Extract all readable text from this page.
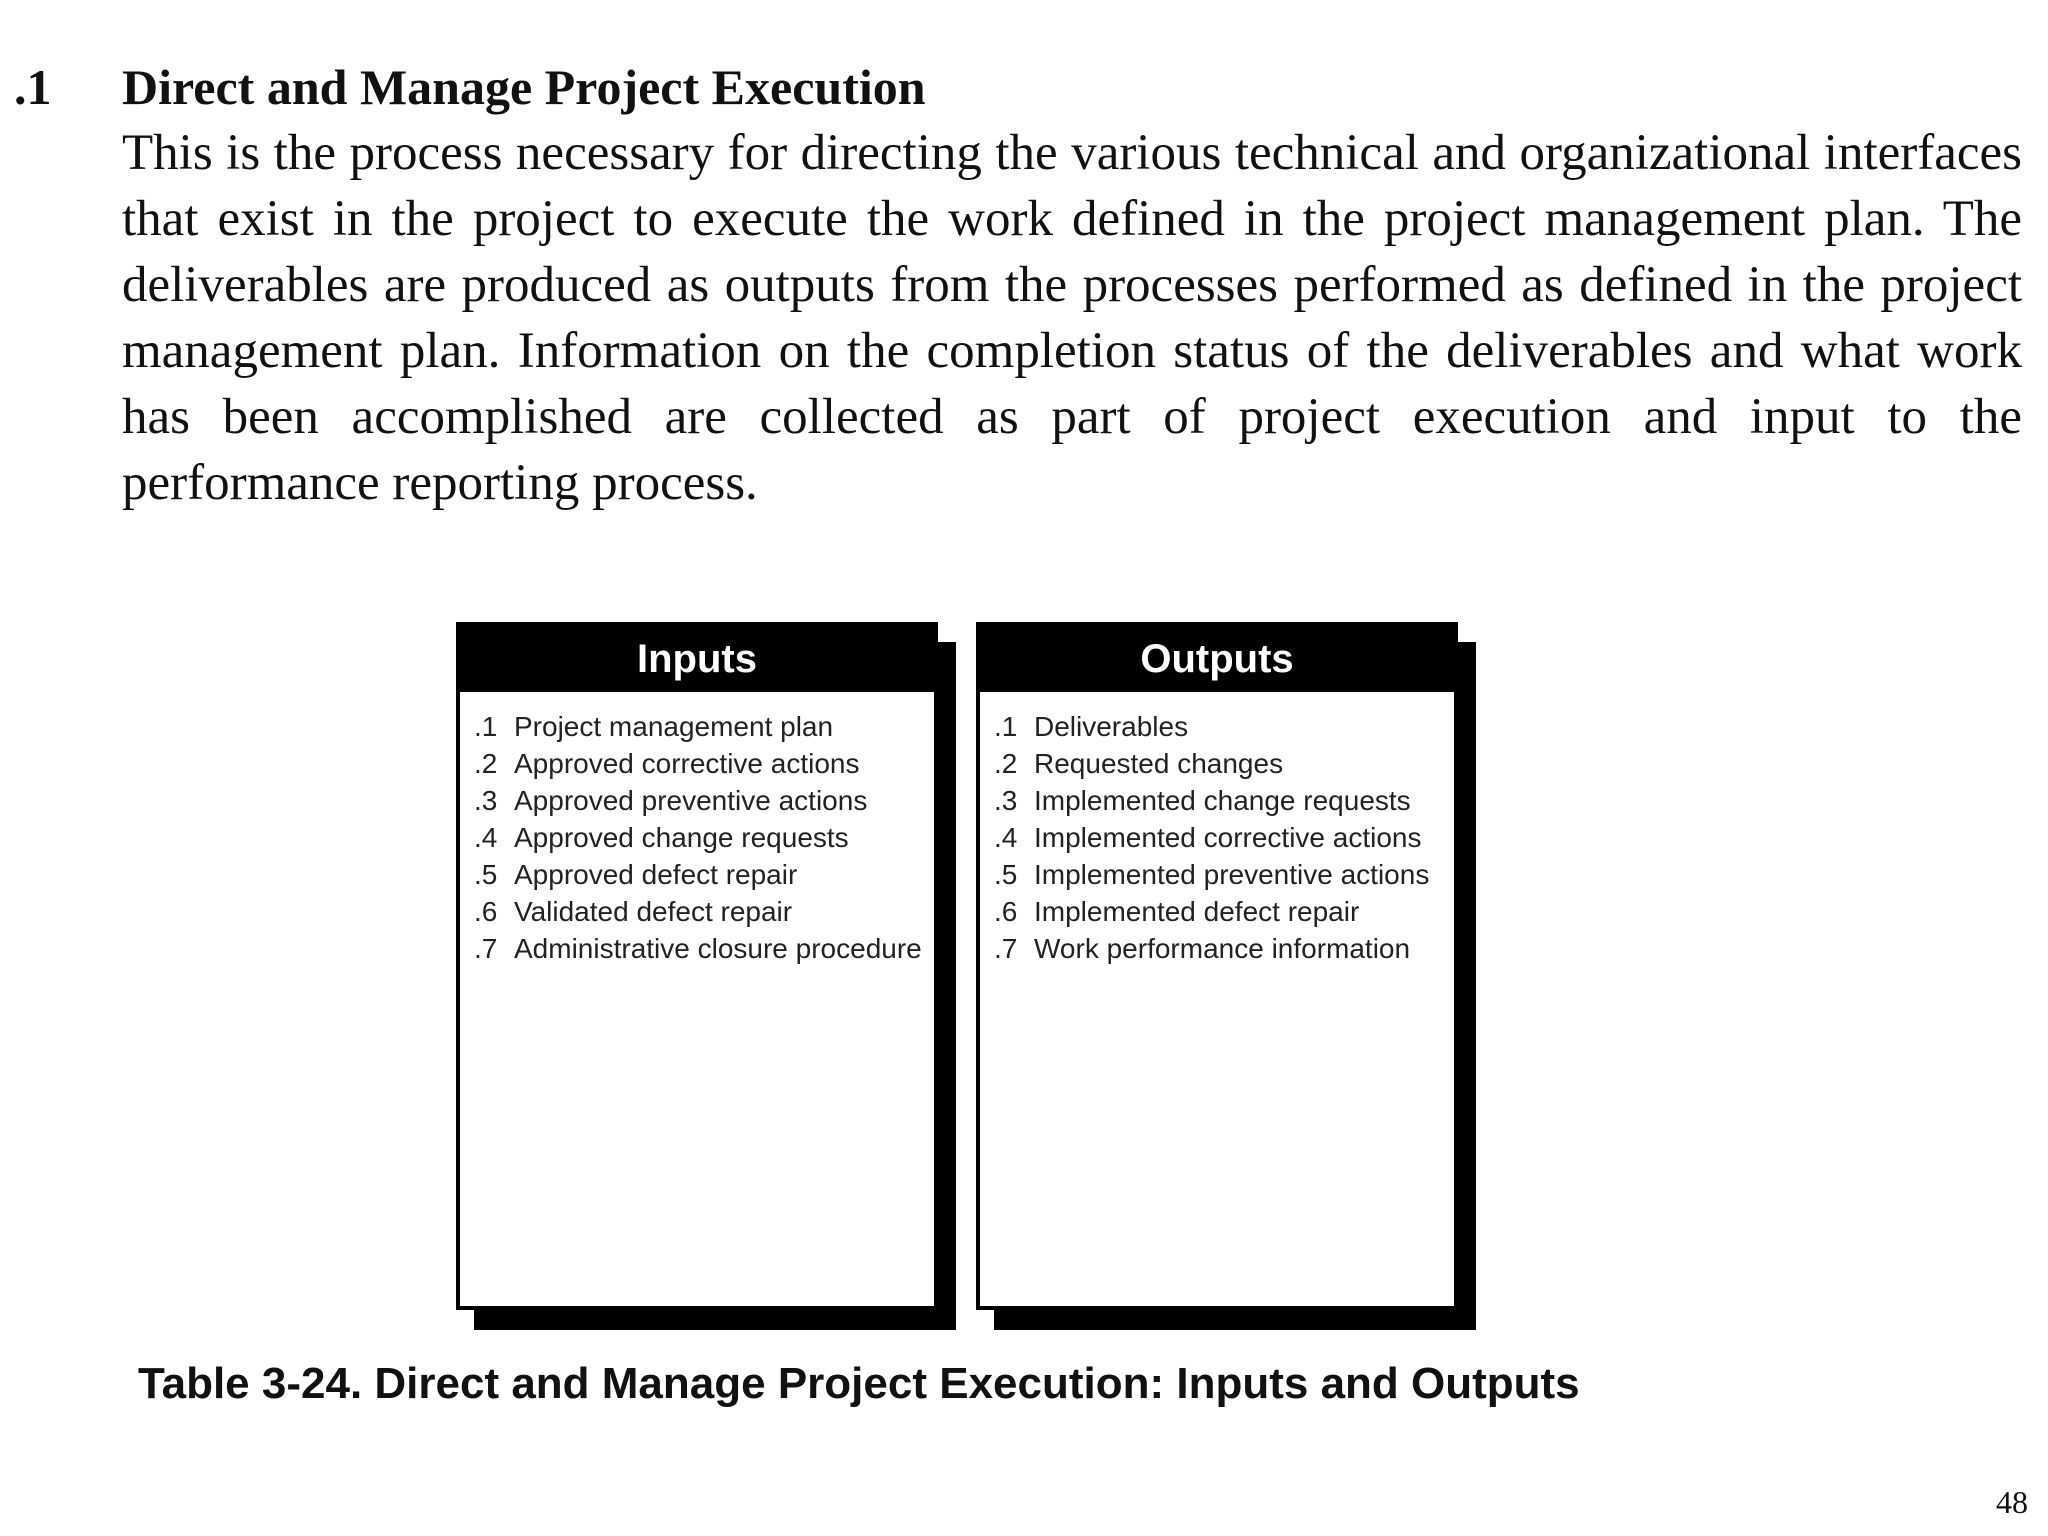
.1 Direct and Manage Project Execution

This is the process necessary for directing the various technical and organizational interfaces that exist in the project to execute the work defined in the project management plan. The deliverables are produced as outputs from the processes performed as defined in the project management plan. Information on the completion status of the deliverables and what work has been accomplished are collected as part of project execution and input to the performance reporting process.

Inputs
.1 Project management plan
.2 Approved corrective actions
.3 Approved preventive actions
.4 Approved change requests
.5 Approved defect repair
.6 Validated defect repair
.7 Administrative closure procedure
Outputs
.1 Deliverables
.2 Requested changes
.3 Implemented change requests
.4 Implemented corrective actions
.5 Implemented preventive actions
.6 Implemented defect repair
.7 Work performance information

Table 3-24. Direct and Manage Project Execution: Inputs and Outputs

48
